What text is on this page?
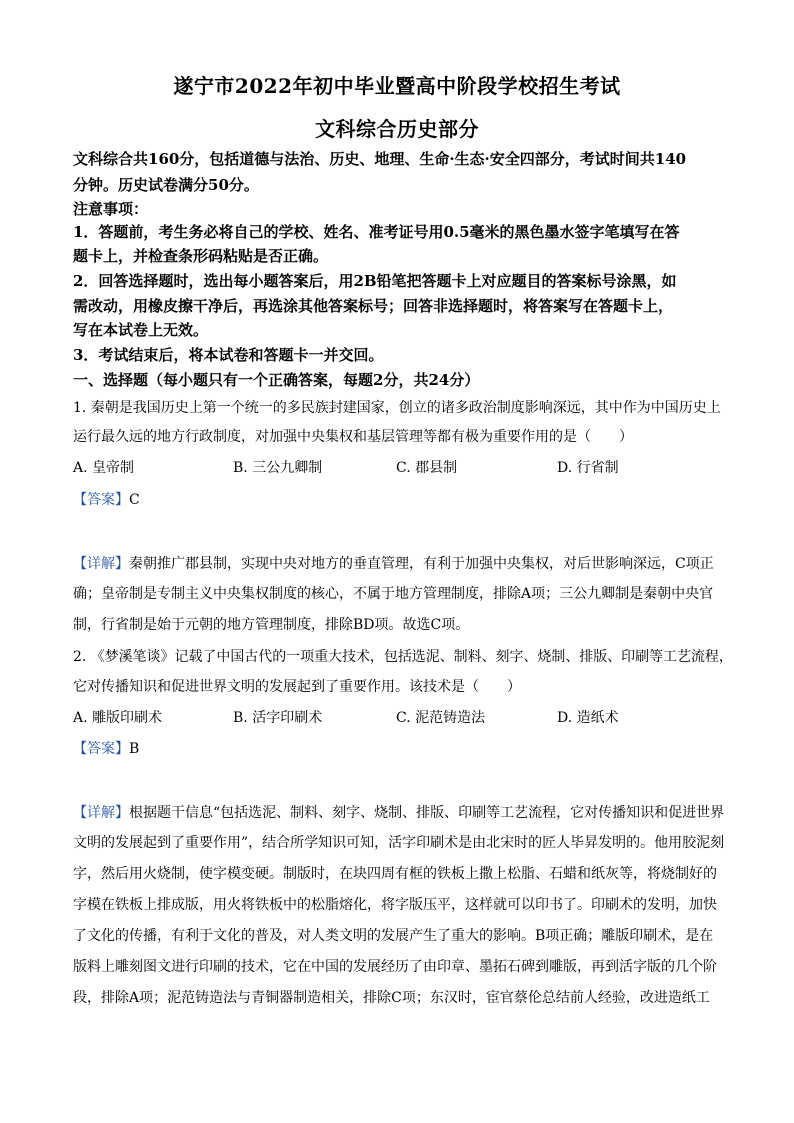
遂宁市2022年初中毕业暨高中阶段学校招生考试
文科综合历史部分
文科综合共160分，包括道德与法治、历史、地理、生命·生态·安全四部分，考试时间共140
分钟。历史试卷满分50分。
注意事项：
1．答题前，考生务必将自己的学校、姓名、准考证号用0.5毫米的黑色墨水签字笔填写在答
题卡上，并检查条形码粘贴是否正确。
2．回答选择题时，选出每小题答案后，用2B铅笔把答题卡上对应题目的答案标号涂黑，如
需改动，用橡皮擦干净后，再选涂其他答案标号；回答非选择题时，将答案写在答题卡上，
写在本试卷上无效。
3．考试结束后，将本试卷和答题卡一并交回。
一、选择题（每小题只有一个正确答案，每题2分，共24分）
1. 秦朝是我国历史上第一个统一的多民族封建国家，创立的诸多政治制度影响深远，其中作为中国历史上
运行最久远的地方行政制度，对加强中央集权和基层管理等都有极为重要作用的是（　　）
A. 皇帝制	B. 三公九卿制	C. 郡县制	D. 行省制
【答案】C
【详解】秦朝推广郡县制，实现中央对地方的垂直管理，有利于加强中央集权，对后世影响深远，C项正
确；皇帝制是专制主义中央集权制度的核心，不属于地方管理制度，排除A项；三公九卿制是秦朝中央官
制，行省制是始于元朝的地方管理制度，排除BD项。故选C项。
2. 《梦溪笔谈》记载了中国古代的一项重大技术，包括选泥、制料、刻字、烧制、排版、印刷等工艺流程，
它对传播知识和促进世界文明的发展起到了重要作用。该技术是（　　）
A. 雕版印刷术	B. 活字印刷术	C. 泥范铸造法	D. 造纸术
【答案】B
【详解】根据题干信息“包括选泥、制料、刻字、烧制、排版、印刷等工艺流程，它对传播知识和促进世界
文明的发展起到了重要作用”，结合所学知识可知，活字印刷术是由北宋时的匠人毕昇发明的。他用胶泥刻
字，然后用火烧制，使字模变硬。制版时，在块四周有框的铁板上撒上松脂、石蜡和纸灰等，将烧制好的
字模在铁板上排成版，用火将铁板中的松脂熔化，将字版压平，这样就可以印书了。印刷术的发明，加快
了文化的传播，有利于文化的普及，对人类文明的发展产生了重大的影响。B项正确；雕版印刷术，是在
版料上雕刻图文进行印刷的技术，它在中国的发展经历了由印章、墨拓石碑到雕版，再到活字版的几个阶
段，排除A项；泥范铸造法与青铜器制造相关，排除C项；东汉时，宦官蔡伦总结前人经验，改进造纸工
